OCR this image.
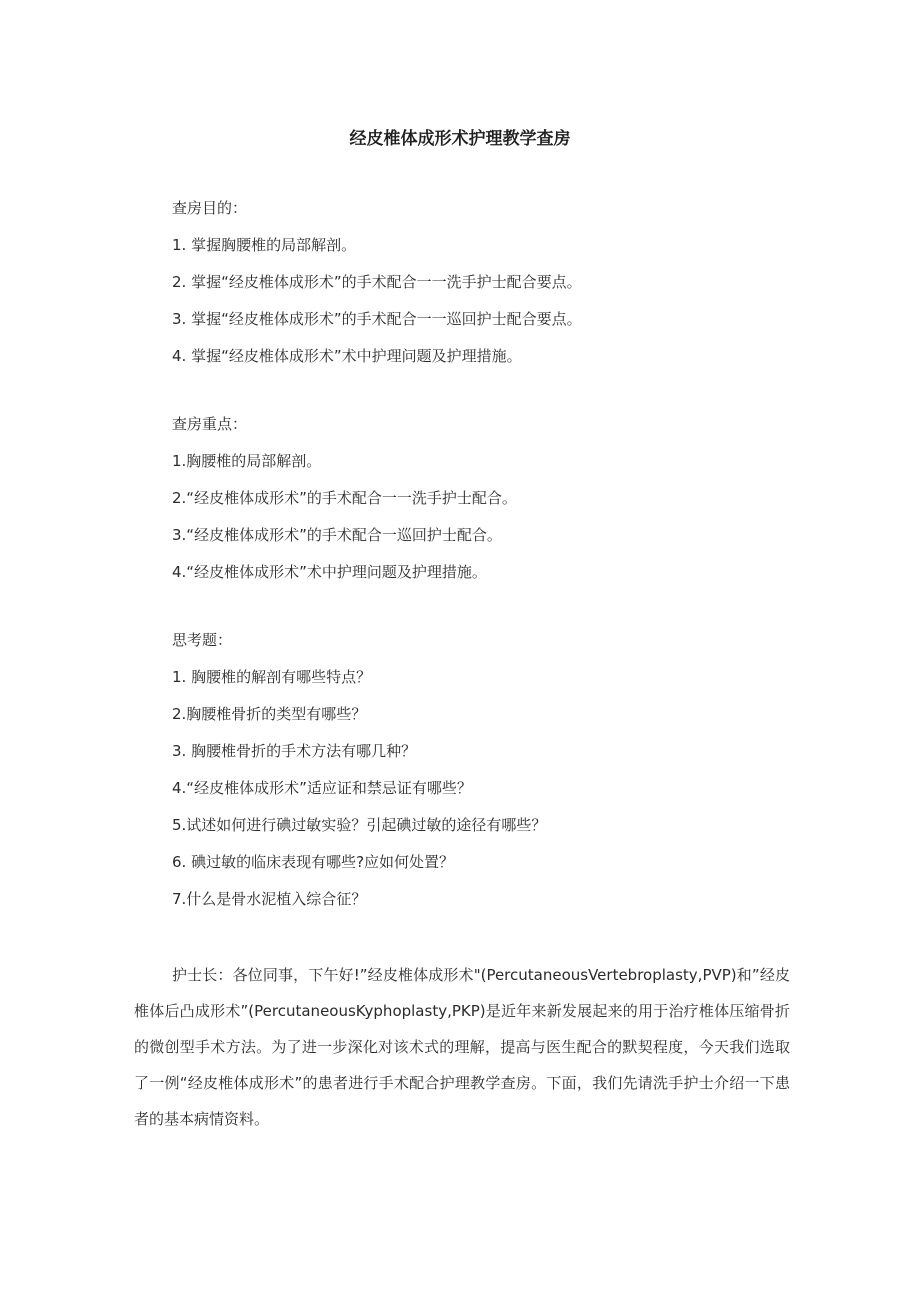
经皮椎体成形术护理教学查房
查房目的：
1. 掌握胸腰椎的局部解剖。
2. 掌握“经皮椎体成形术”的手术配合一一洗手护士配合要点。
3. 掌握“经皮椎体成形术”的手术配合一一巡回护士配合要点。
4. 掌握“经皮椎体成形术”术中护理问题及护理措施。
查房重点：
1.胸腰椎的局部解剖。
2.“经皮椎体成形术”的手术配合一一洗手护士配合。
3.“经皮椎体成形术”的手术配合一巡回护士配合。
4.“经皮椎体成形术”术中护理问题及护理措施。
思考题：
1. 胸腰椎的解剖有哪些特点？
2.胸腰椎骨折的类型有哪些？
3. 胸腰椎骨折的手术方法有哪几种？
4.“经皮椎体成形术”适应证和禁忌证有哪些？
5.试述如何进行碘过敏实验？引起碘过敏的途径有哪些？
6. 碘过敏的临床表现有哪些?应如何处置？
7.什么是骨水泥植入综合征？

护士长：各位同事，下午好!”经皮椎体成形术"(PercutaneousVertebroplasty,PVP)和”经皮椎体后凸成形术”(PercutaneousKyphoplasty,PKP)是近年来新发展起来的用于治疗椎体压缩骨折的微创型手术方法。为了进一步深化对该术式的理解，提高与医生配合的默契程度，今天我们选取了一例“经皮椎体成形术”的患者进行手术配合护理教学查房。下面，我们先请洗手护士介绍一下患者的基本病情资料。
